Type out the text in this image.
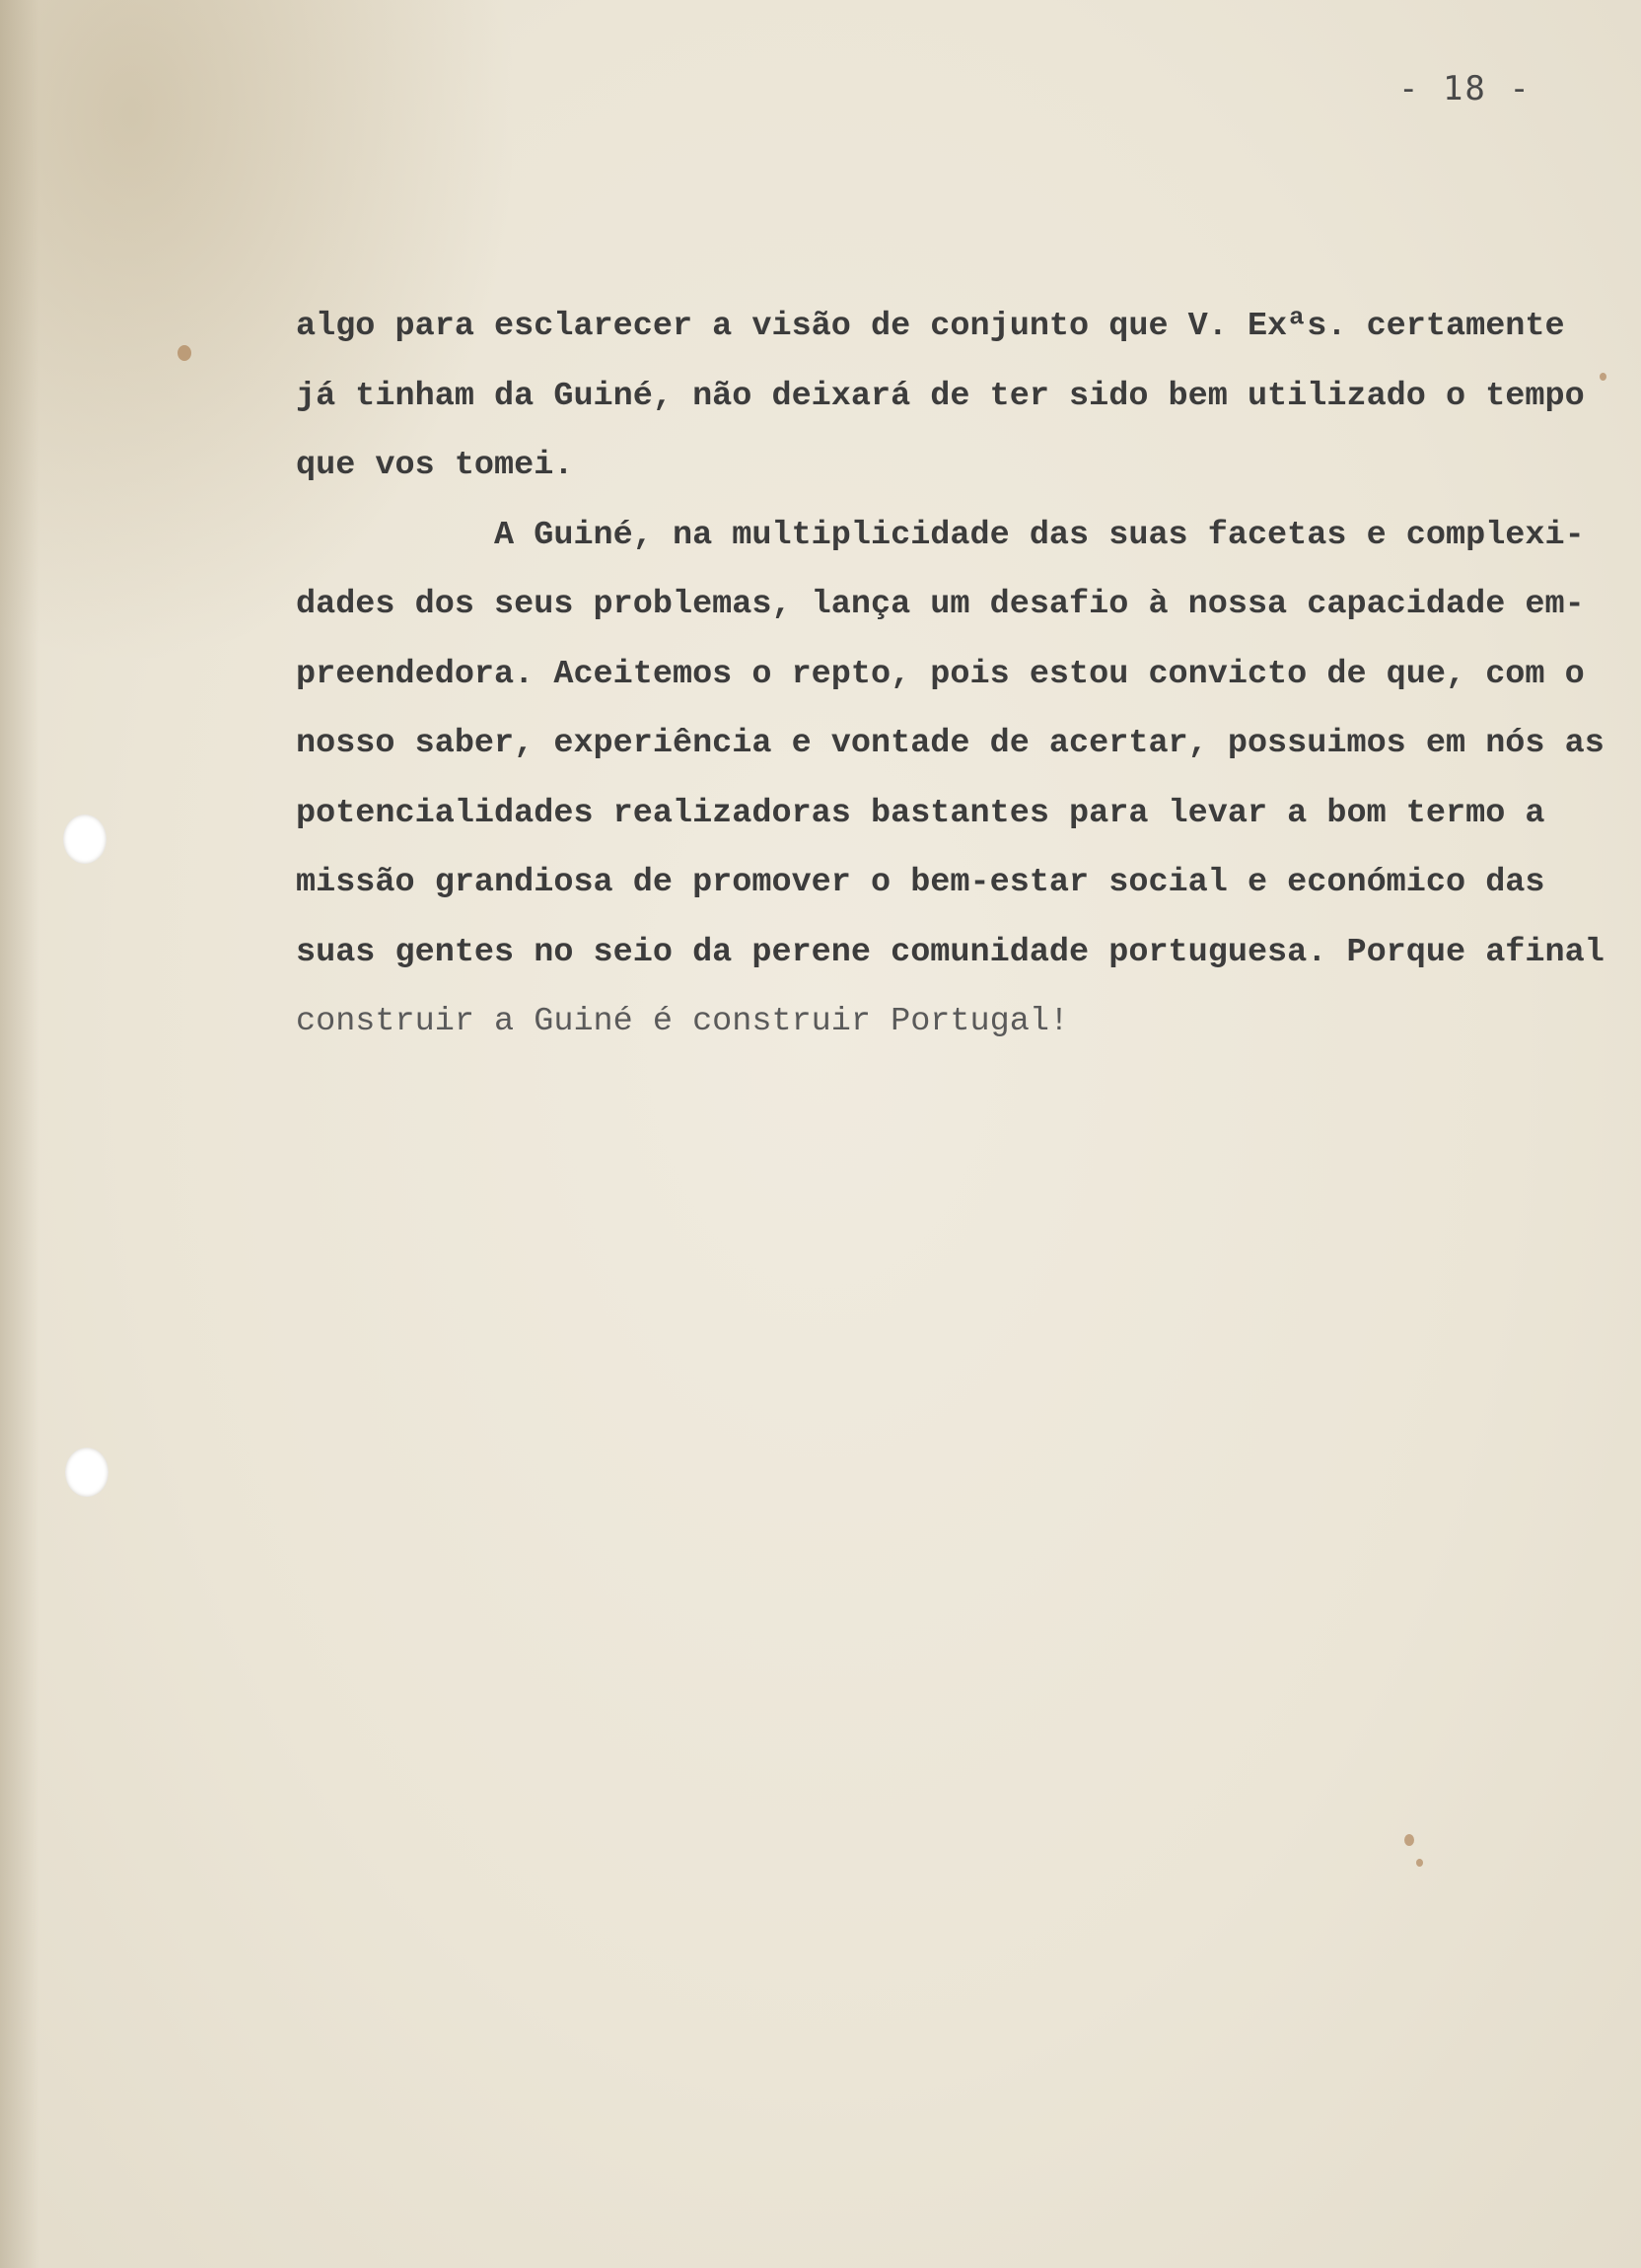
- 18 -
algo para esclarecer a visão de conjunto que V. Exªs. certamente
já tinham da Guiné, não deixará de ter sido bem utilizado o tempo
que vos tomei.
A Guiné, na multiplicidade das suas facetas e complexi-
dades dos seus problemas, lança um desafio à nossa capacidade em-
preendedora. Aceitemos o repto, pois estou convicto de que, com o
nosso saber, experiência e vontade de acertar, possuimos em nós as
potencialidades realizadoras bastantes para levar a bom termo a
missão grandiosa de promover o bem-estar social e económico das
suas gentes no seio da perene comunidade portuguesa. Porque afinal
construir a Guiné é construir Portugal!
